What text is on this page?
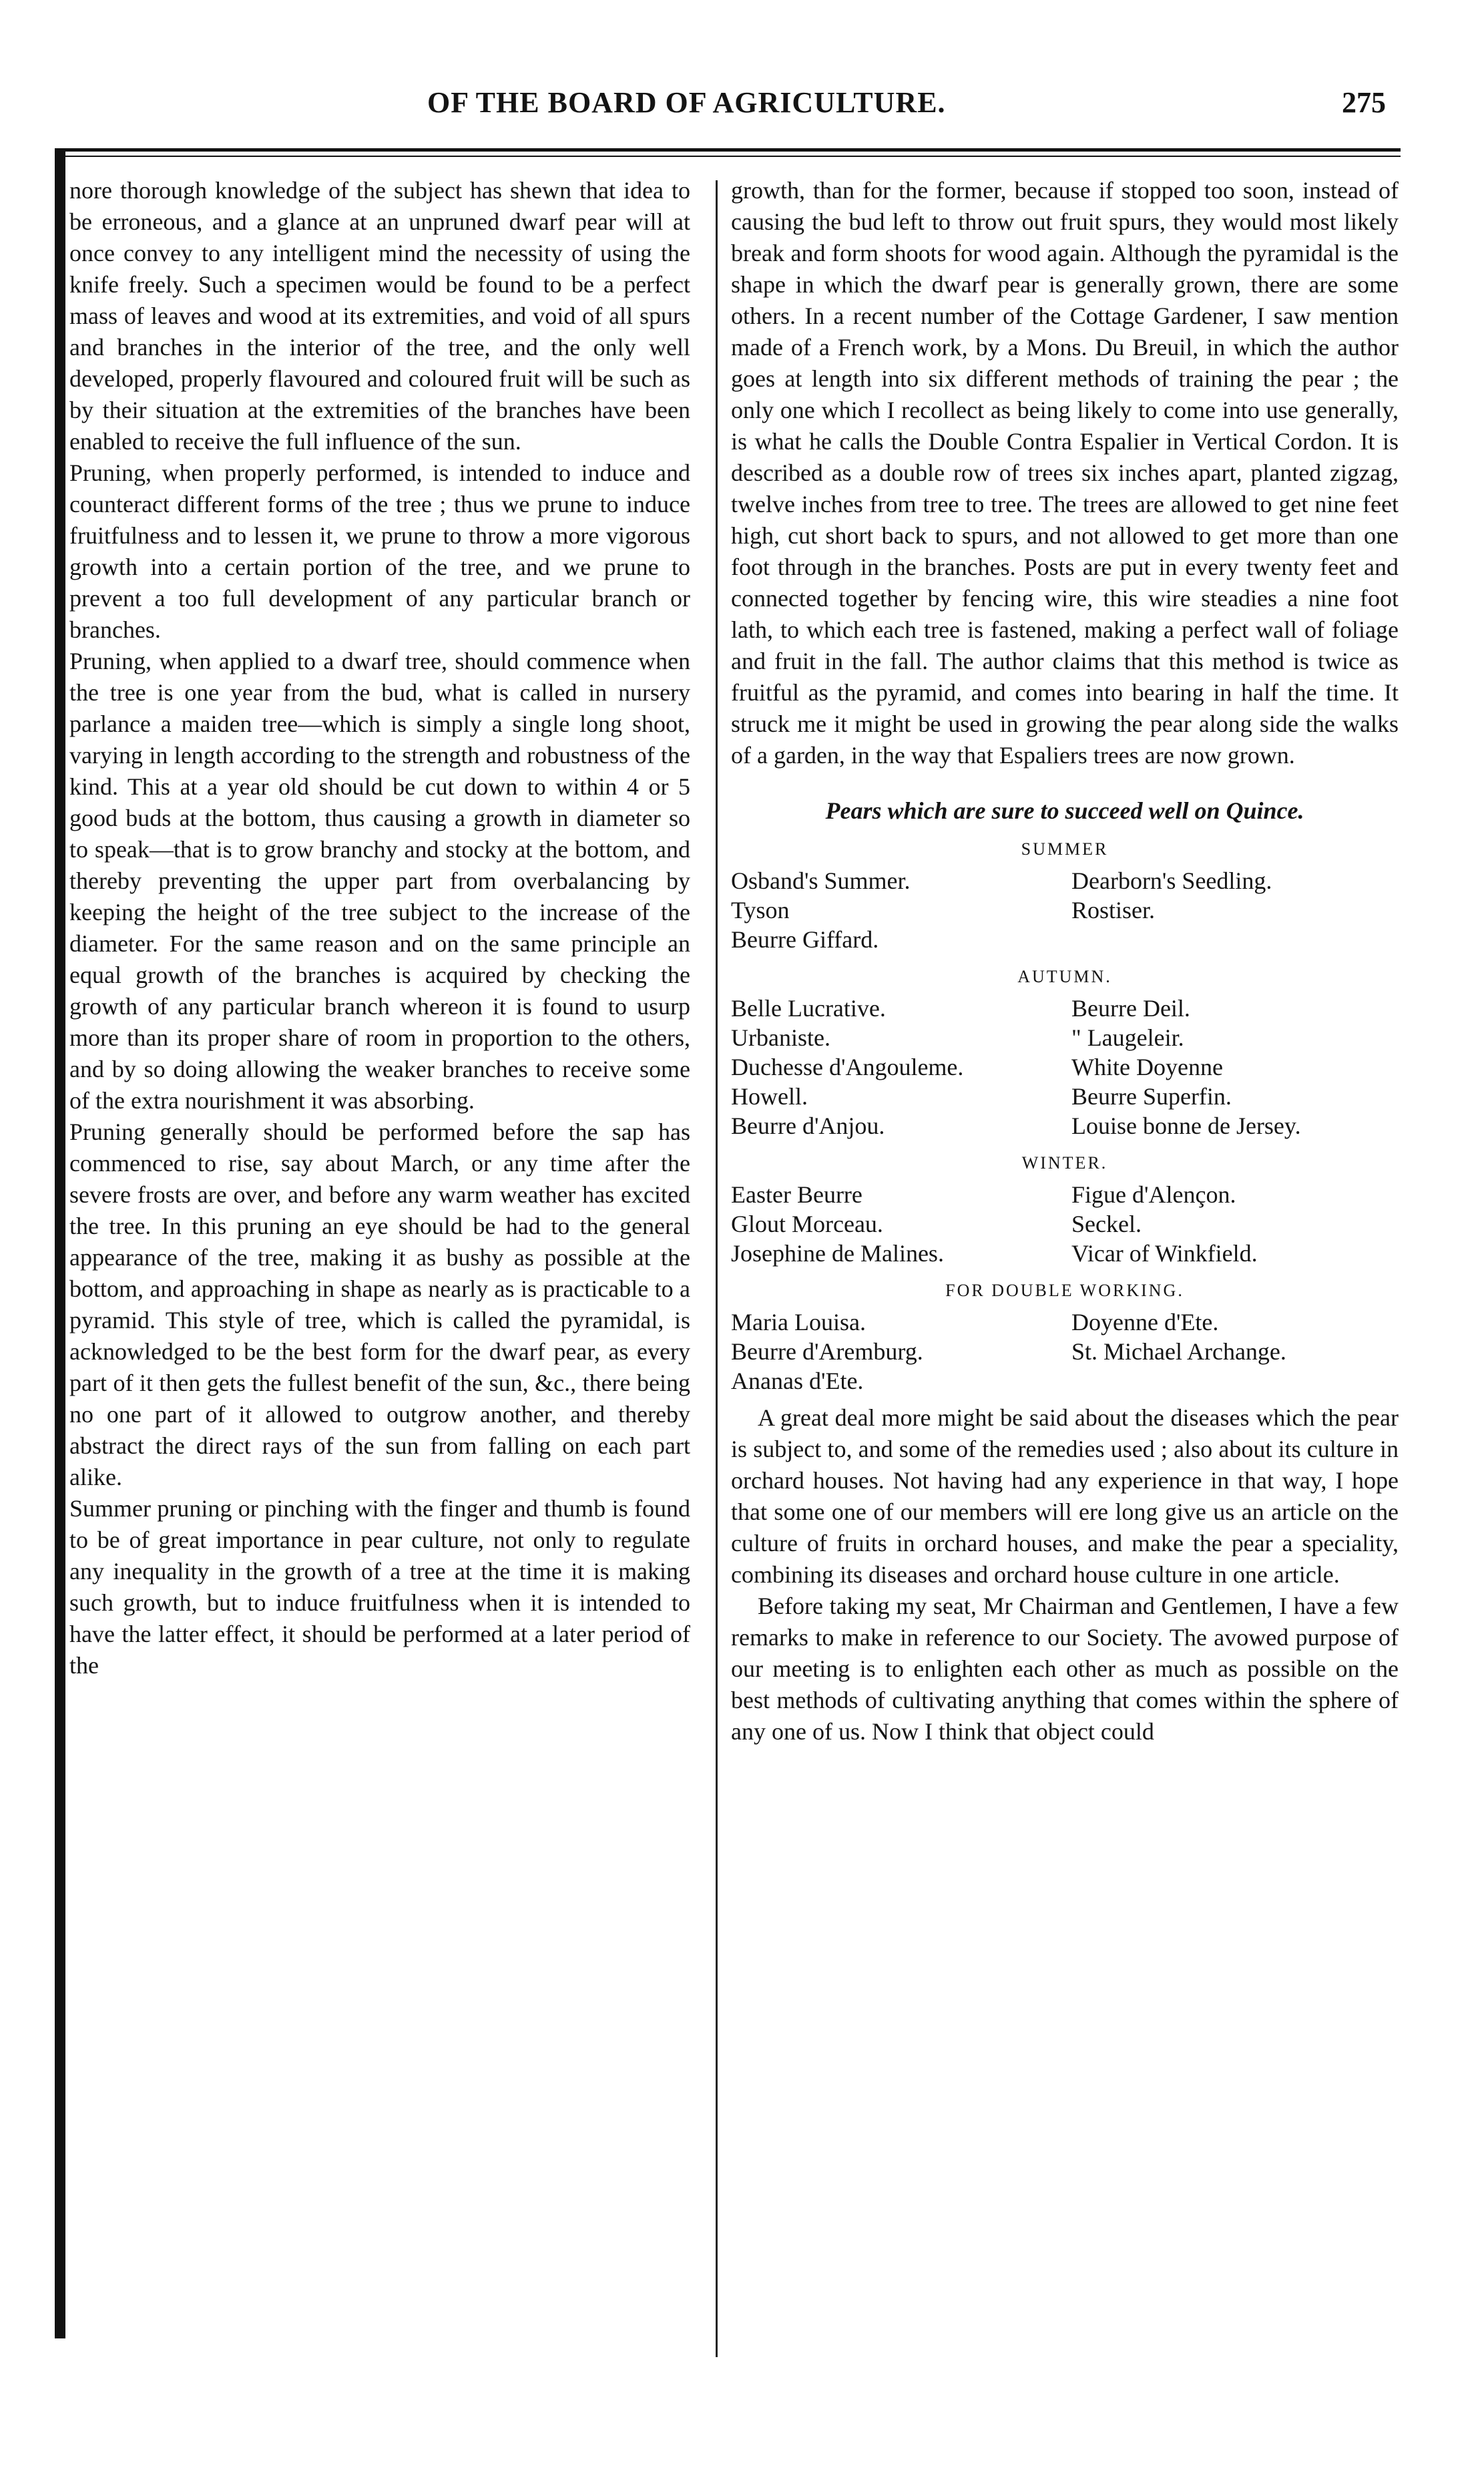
OF THE BOARD OF AGRICULTURE.	275

nore thorough knowledge of the subject has shewn that idea to be erroneous, and a glance at an unpruned dwarf pear will at once convey to any intelligent mind the necessity of using the knife freely. Such a specimen would be found to be a perfect mass of leaves and wood at its extremities, and void of all spurs and branches in the interior of the tree, and the only well developed, properly flavoured and coloured fruit will be such as by their situation at the extremities of the branches have been enabled to receive the full influence of the sun.

Pruning, when properly performed, is intended to induce and counteract different forms of the tree ; thus we prune to induce fruitfulness and to lessen it, we prune to throw a more vigorous growth into a certain portion of the tree, and we prune to prevent a too full development of any particular branch or branches.

Pruning, when applied to a dwarf tree, should commence when the tree is one year from the bud, what is called in nursery parlance a maiden tree—which is simply a single long shoot, varying in length according to the strength and robustness of the kind. This at a year old should be cut down to within 4 or 5 good buds at the bottom, thus causing a growth in diameter so to speak—that is to grow branchy and stocky at the bottom, and thereby preventing the upper part from overbalancing by keeping the height of the tree subject to the increase of the diameter. For the same reason and on the same principle an equal growth of the branches is acquired by checking the growth of any particular branch whereon it is found to usurp more than its proper share of room in proportion to the others, and by so doing allowing the weaker branches to receive some of the extra nourishment it was absorbing.

Pruning generally should be performed before the sap has commenced to rise, say about March, or any time after the severe frosts are over, and before any warm weather has excited the tree. In this pruning an eye should be had to the general appearance of the tree, making it as bushy as possible at the bottom, and approaching in shape as nearly as is practicable to a pyramid. This style of tree, which is called the pyramidal, is acknowledged to be the best form for the dwarf pear, as every part of it then gets the fullest benefit of the sun, &c., there being no one part of it allowed to outgrow another, and thereby abstract the direct rays of the sun from falling on each part alike.

Summer pruning or pinching with the finger and thumb is found to be of great importance in pear culture, not only to regulate any inequality in the growth of a tree at the time it is making such growth, but to induce fruitfulness when it is intended to have the latter effect, it should be performed at a later period of the

growth, than for the former, because if stopped too soon, instead of causing the bud left to throw out fruit spurs, they would most likely break and form shoots for wood again. Although the pyramidal is the shape in which the dwarf pear is generally grown, there are some others. In a recent number of the Cottage Gardener, I saw mention made of a French work, by a Mons. Du Breuil, in which the author goes at length into six different methods of training the pear ; the only one which I recollect as being likely to come into use generally, is what he calls the Double Contra Espalier in Vertical Cordon. It is described as a double row of trees six inches apart, planted zigzag, twelve inches from tree to tree. The trees are allowed to get nine feet high, cut short back to spurs, and not allowed to get more than one foot through in the branches. Posts are put in every twenty feet and connected together by fencing wire, this wire steadies a nine foot lath, to which each tree is fastened, making a perfect wall of foliage and fruit in the fall. The author claims that this method is twice as fruitful as the pyramid, and comes into bearing in half the time. It struck me it might be used in growing the pear along side the walks of a garden, in the way that Espaliers trees are now grown.

Pears which are sure to succeed well on Quince.

SUMMER

Osband's Summer.	Dearborn's Seedling.
Tyson	Rostiser.
Beurre Giffard.

AUTUMN.

Belle Lucrative.	Beurre Deil.
Urbaniste.	" Laugeleir.
Duchesse d'Angouleme.	White Doyenne
Howell.	Beurre Superfin.
Beurre d'Anjou.	Louise bonne de Jersey.

WINTER.

Easter Beurre	Figue d'Alençon.
Glout Morceau.	Seckel.
Josephine de Malines.	Vicar of Winkfield.

FOR DOUBLE WORKING.

Maria Louisa.	Doyenne d'Ete.
Beurre d'Aremburg.	St. Michael Archange.
Ananas d'Ete.

A great deal more might be said about the diseases which the pear is subject to, and some of the remedies used ; also about its culture in orchard houses. Not having had any experience in that way, I hope that some one of our members will ere long give us an article on the culture of fruits in orchard houses, and make the pear a speciality, combining its diseases and orchard house culture in one article.

Before taking my seat, Mr Chairman and Gentlemen, I have a few remarks to make in reference to our Society. The avowed purpose of our meeting is to enlighten each other as much as possible on the best methods of cultivating anything that comes within the sphere of any one of us. Now I think that object could
